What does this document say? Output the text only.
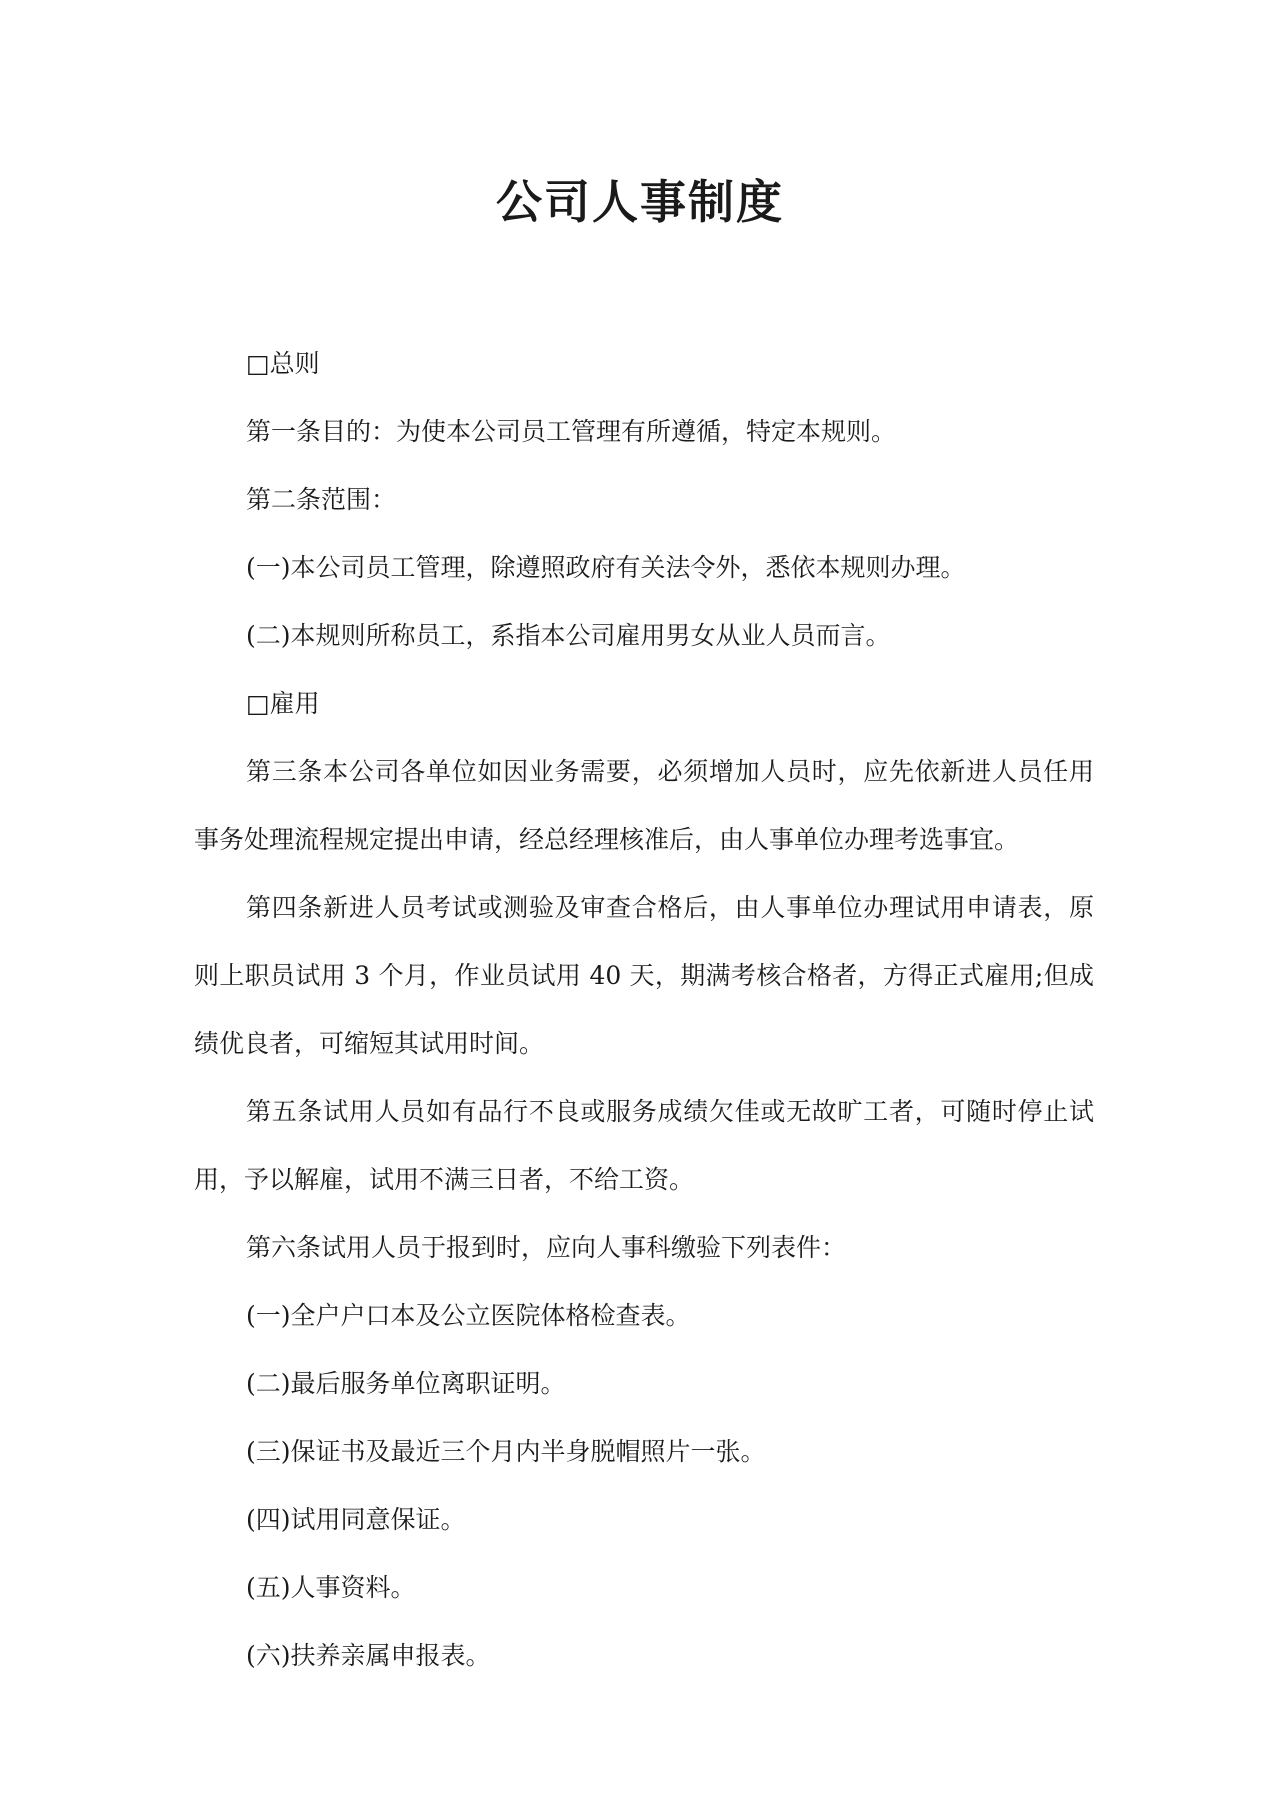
公司人事制度

□总则

第一条目的：为使本公司员工管理有所遵循，特定本规则。

第二条范围：

(一)本公司员工管理，除遵照政府有关法令外，悉依本规则办理。

(二)本规则所称员工，系指本公司雇用男女从业人员而言。

□雇用

第三条本公司各单位如因业务需要，必须增加人员时，应先依新进人员任用事务处理流程规定提出申请，经总经理核准后，由人事单位办理考选事宜。

第四条新进人员考试或测验及审查合格后，由人事单位办理试用申请表，原则上职员试用 3 个月，作业员试用 40 天，期满考核合格者，方得正式雇用;但成绩优良者，可缩短其试用时间。

第五条试用人员如有品行不良或服务成绩欠佳或无故旷工者，可随时停止试用，予以解雇，试用不满三日者，不给工资。

第六条试用人员于报到时，应向人事科缴验下列表件：

(一)全户户口本及公立医院体格检查表。

(二)最后服务单位离职证明。

(三)保证书及最近三个月内半身脱帽照片一张。

(四)试用同意保证。

(五)人事资料。

(六)扶养亲属申报表。
